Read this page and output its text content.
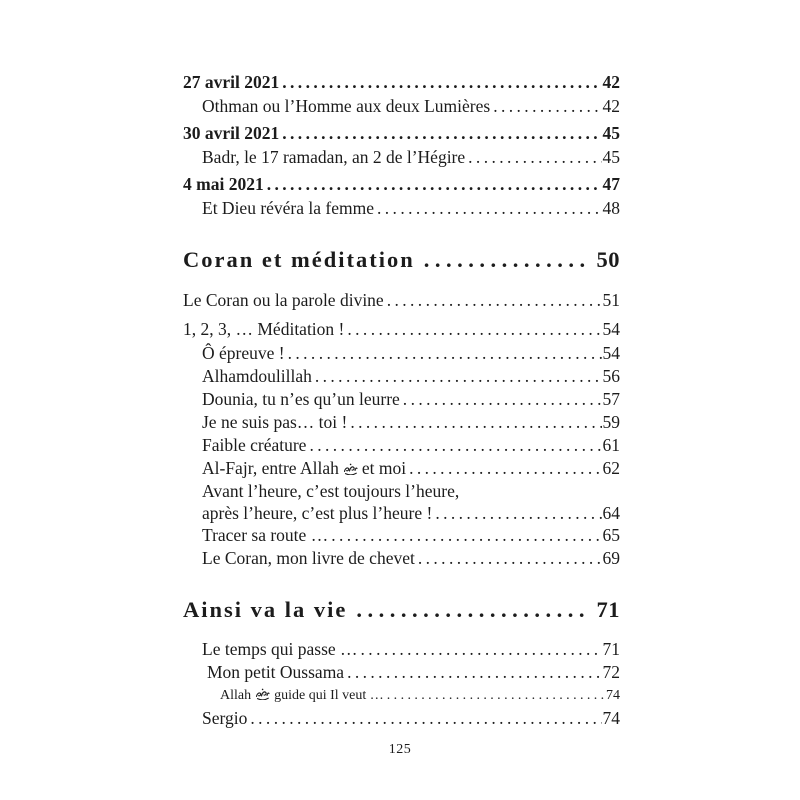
27 avril 2021 .....	42
Othman ou l’Homme aux deux Lumières .....	42
30 avril 2021 .....	45
Badr, le 17 ramadan, an 2 de l’Hégire .....	45
4 mai 2021 .....	47
Et Dieu révéra la femme .....	48
Coran et méditation .....	50
Le Coran ou la parole divine .....	51
1, 2, 3, … Méditation ! .....	54
Ô épreuve ! .....	54
Alhamdoulillah .....	56
Dounia, tu n’es qu’un leurre .....	57
Je ne suis pas… toi ! .....	59
Faible créature .....	61
Al-Fajr, entre Allah et moi .....	62
Avant l’heure, c’est toujours l’heure,
après l’heure, c’est plus l’heure ! .....	64
Tracer sa route … .....	65
Le Coran, mon livre de chevet .....	69
Ainsi va la vie .....	71
Le temps qui passe … .....	71
Mon petit Oussama .....	72
Allah guide qui Il veut … .....	74
Sergio .....	74
125
